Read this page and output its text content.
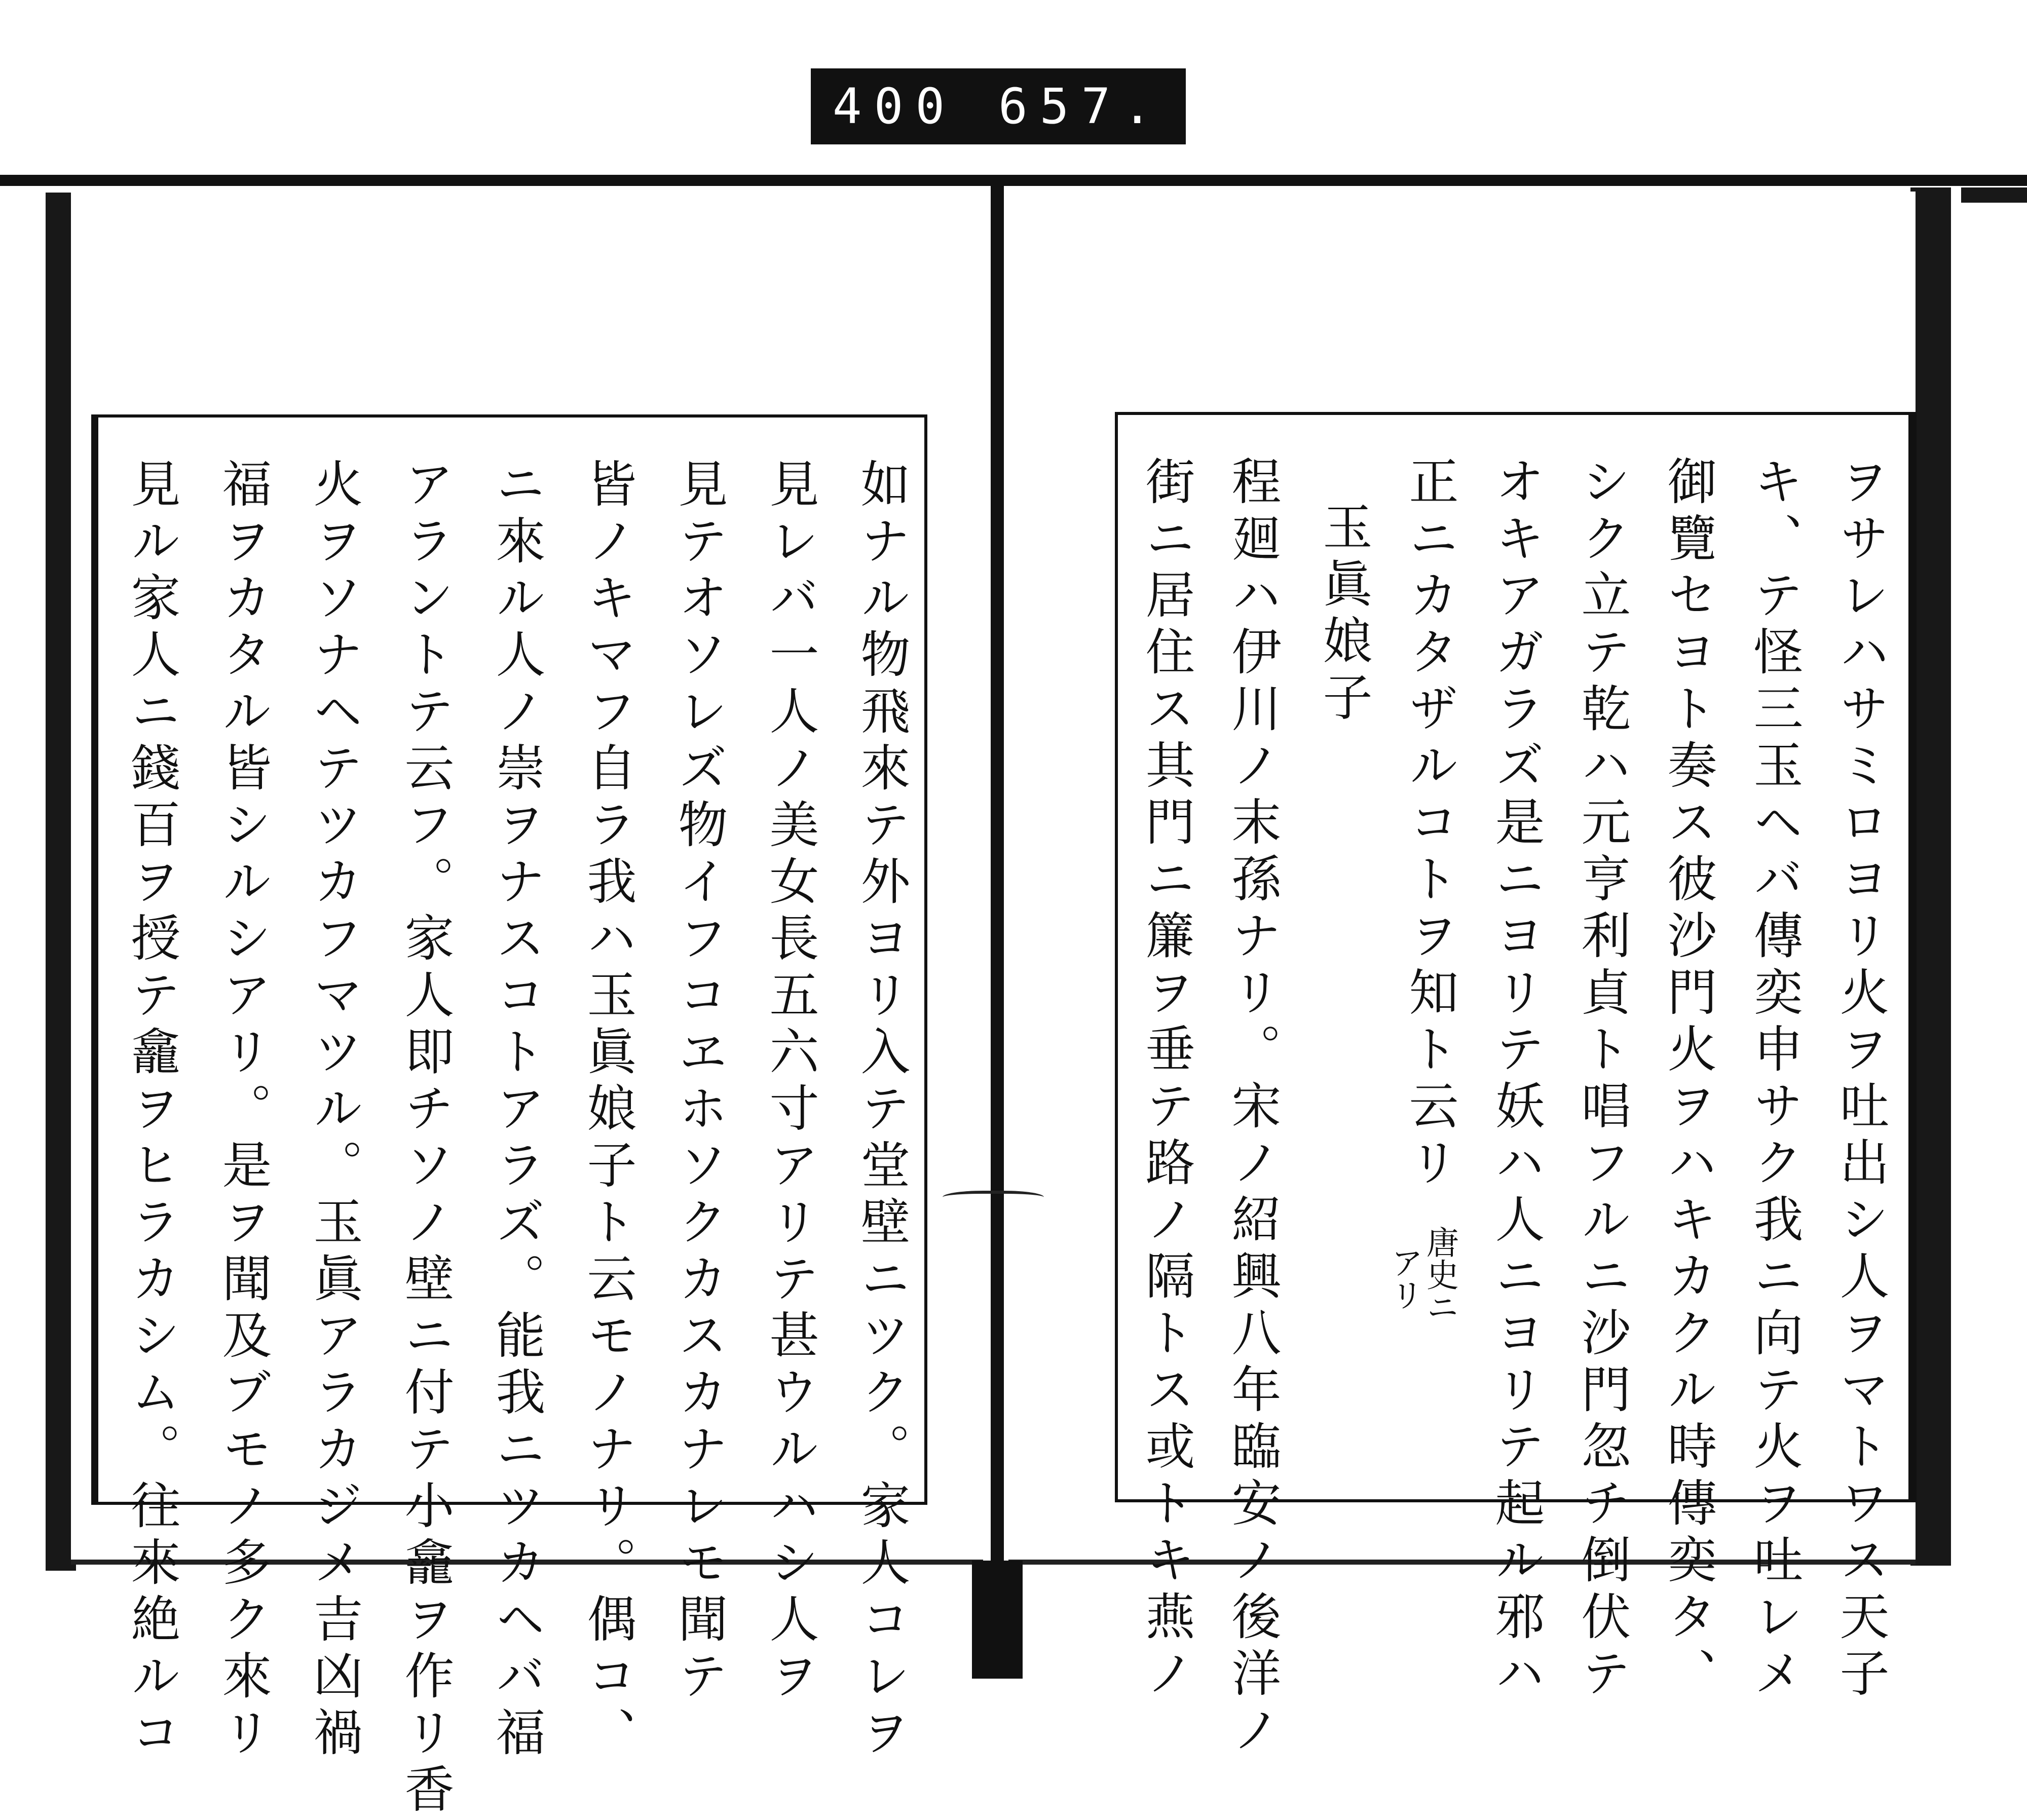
400 657.
如ナル物飛來テ外ヨリ入テ堂壁ニツク。家人コレヲ
見レバ一人ノ美女長五六寸アリテ甚ウルハシ人ヲ
見テオソレズ物イフコヱホソクカスカナレモ聞テ
皆ノキマフ自ラ我ハ玉眞娘子ト云モノナリ。偶コ、
ニ來ル人ノ崇ヲナスコトアラズ。能我ニツカヘバ福
アラントテ云フ。家人即チソノ壁ニ付テ小龕ヲ作リ香
火ヲソナヘテツカフマツル。玉眞アラカジメ吉凶禍
福ヲカタル皆シルシアリ。是ヲ聞及ブモノ多ク來リ
見ル家人ニ錢百ヲ授テ龕ヲヒラカシム。往來絶ルコ	ヲサレハサミロヨリ火ヲ吐出シ人ヲマトワス天子
キ、テ怪三玉ヘバ傳奕申サク我ニ向テ火ヲ吐レメ
御覽セヨト奏ス彼沙門火ヲハキカクル時傳奕タ、
シク立テ乾ハ元亨利貞ト唱フルニ沙門忽チ倒伏テ
オキアガラズ是ニヨリテ妖ハ人ニヨリテ起ル邪ハ
正ニカタザルコトヲ知ト云リ
唐史ニ
アリ
玉眞娘子
程廻ハ伊川ノ末孫ナリ。宋ノ紹興八年臨安ノ後洋ノ
街ニ居住ス其門ニ簾ヲ垂テ路ノ隔トス或トキ燕ノ
